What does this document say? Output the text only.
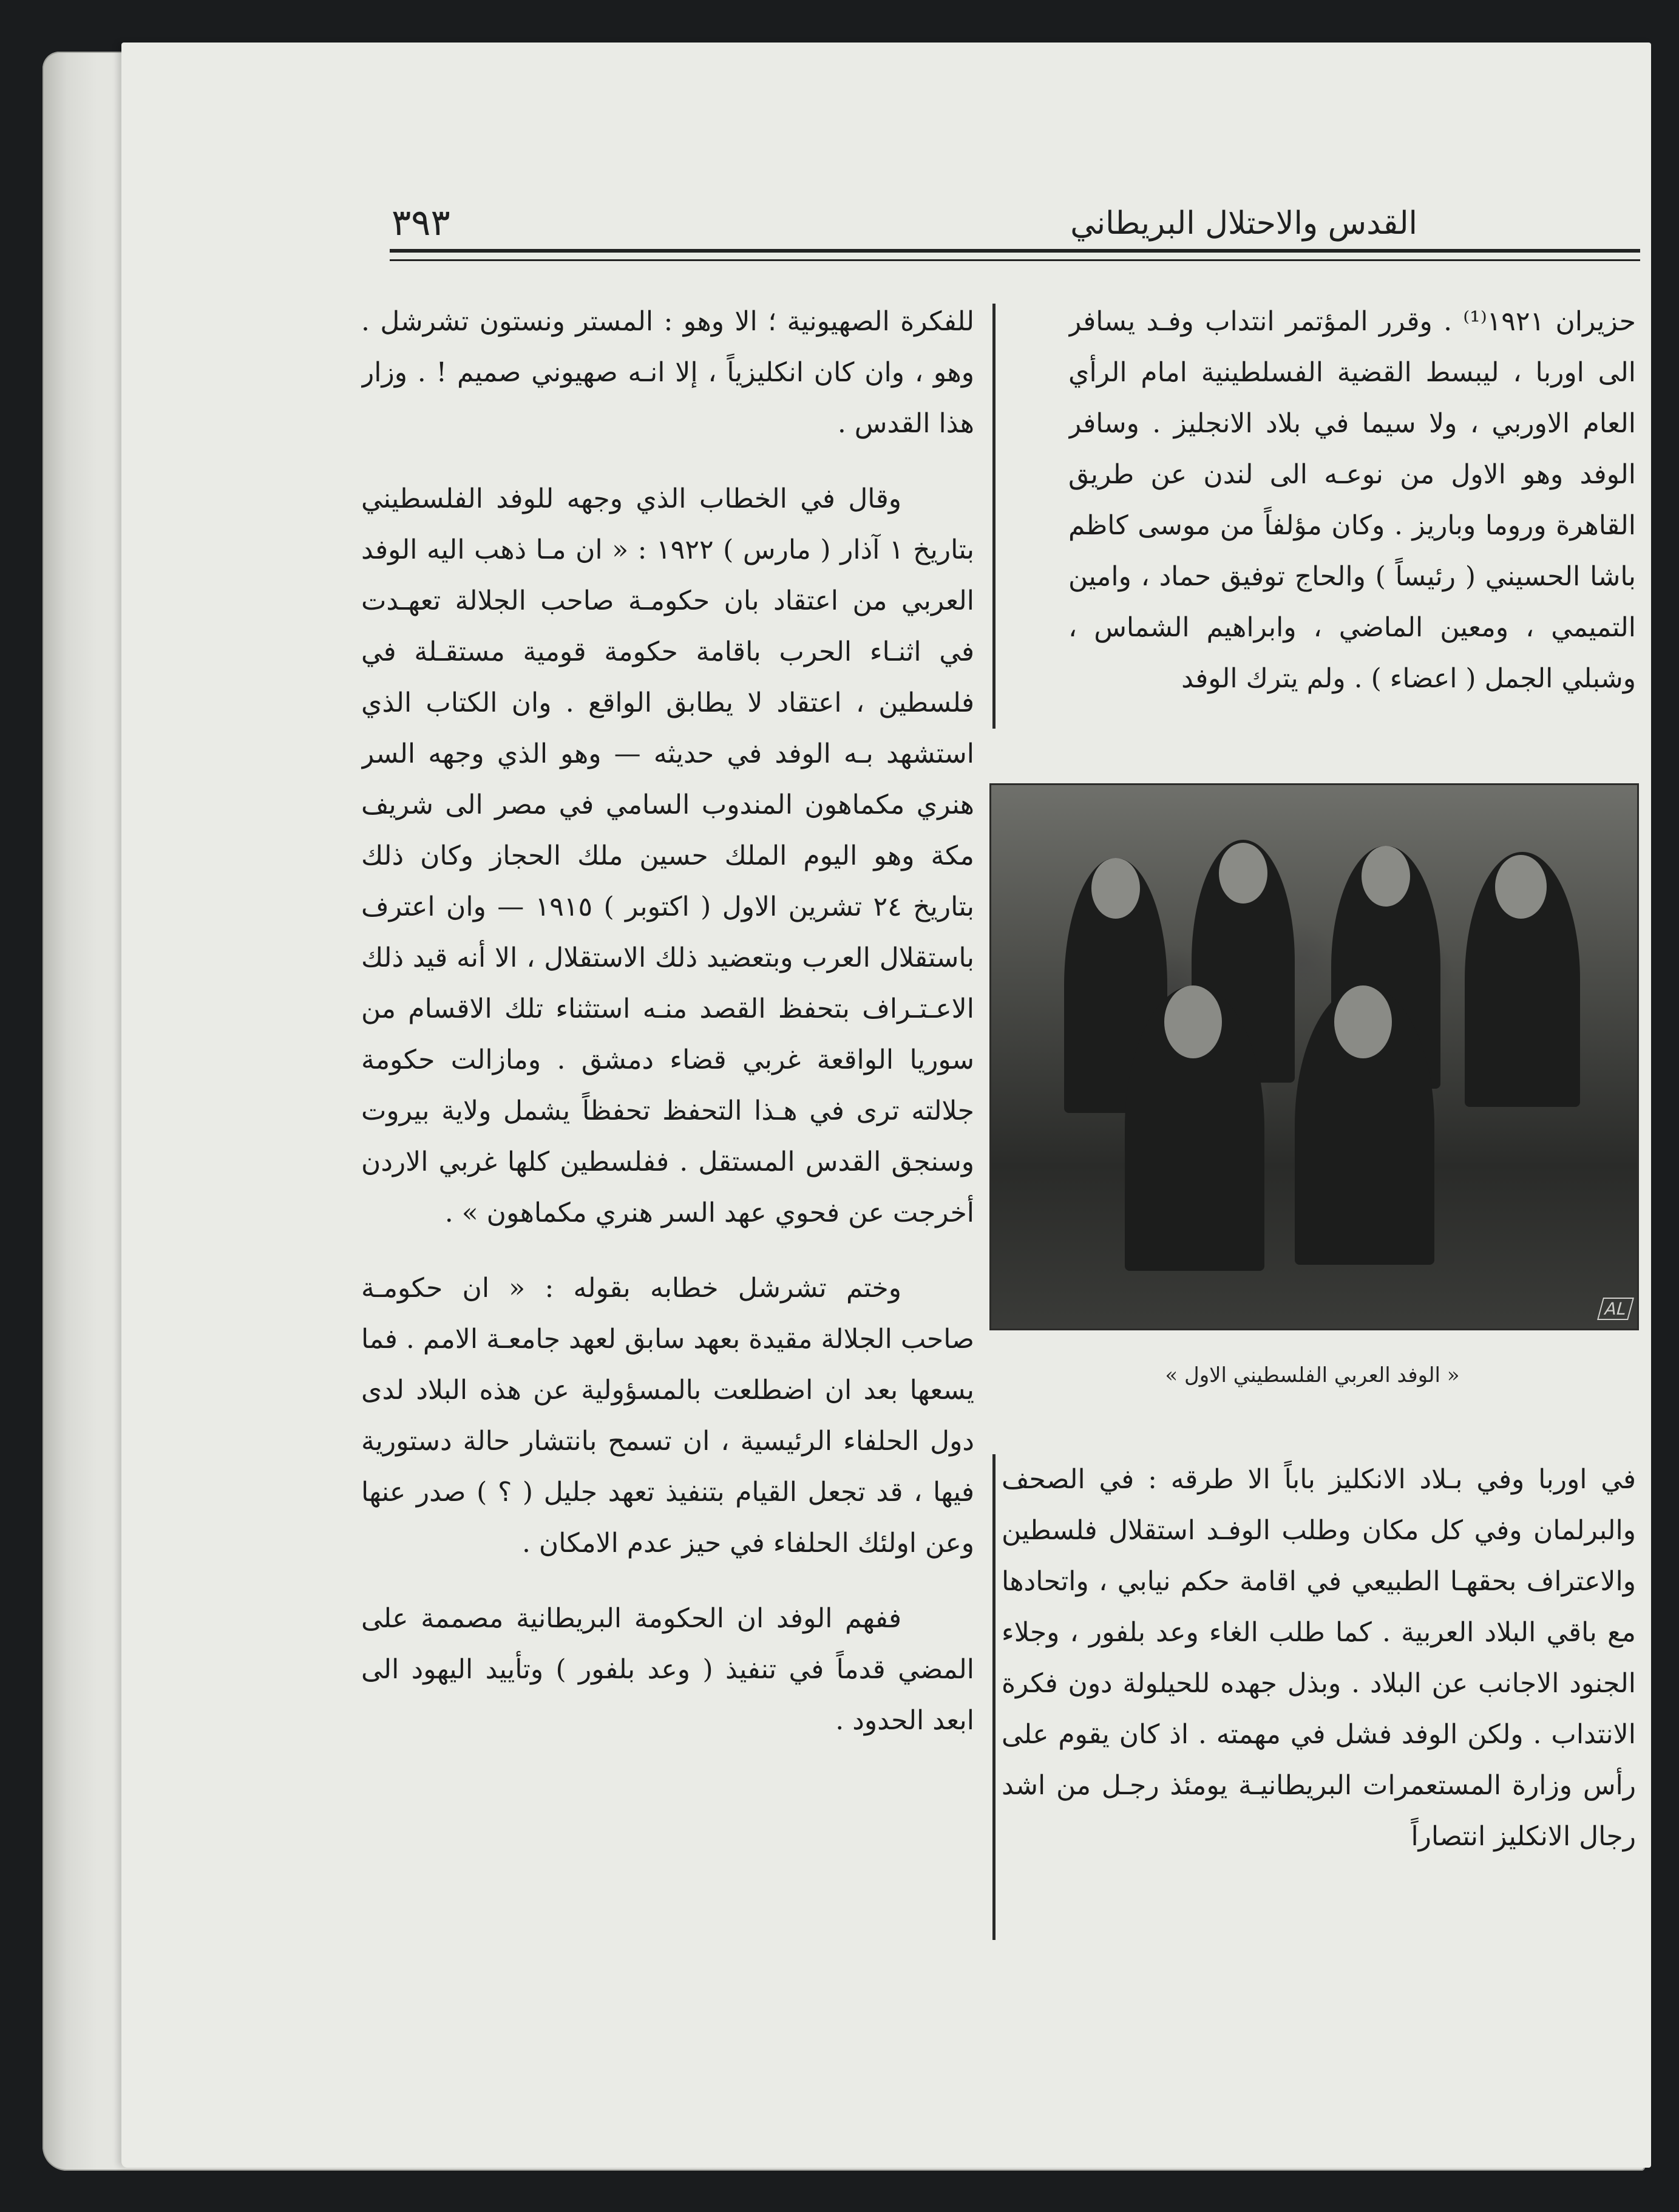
القدس والاحتلال البريطاني
٣٩٣

حزيران ١٩٢١⁽¹⁾ . وقرر المؤتمر انتداب وفـد يسافر الى اوربا ، ليبسط القضية الفسلطينية امام الرأي العام الاوربي ، ولا سيما في بلاد الانجليز . وسافر الوفد وهو الاول من نوعـه الى لندن عن طريق القاهرة وروما وباريز . وكان مؤلفاً من موسى كاظم باشا الحسيني ( رئيساً ) والحاج توفيق حماد ، وامين التميمي ، ومعين الماضي ، وابراهيم الشماس ، وشبلي الجمل ( اعضاء ) . ولم يترك الوفد

للفكرة الصهيونية ؛ الا وهو : المستر ونستون تشرشل . وهو ، وان كان انكليزياً ، إلا انـه صهيوني صميم ! . وزار هذا القدس .

وقال في الخطاب الذي وجهه للوفد الفلسطيني بتاريخ ١ آذار ( مارس ) ١٩٢٢ : « ان مـا ذهب اليه الوفد العربي من اعتقاد بان حكومـة صاحب الجلالة تعهـدت في اثنـاء الحرب باقامة حكومة قومية مستقـلة في فلسطين ، اعتقاد لا يطابق الواقع . وان الكتاب الذي استشهد بـه الوفد في حديثه — وهو الذي وجهه السر هنري مكماهون المندوب السامي في مصر الى شريف مكة وهو اليوم الملك حسين ملك الحجاز وكان ذلك بتاريخ ٢٤ تشرين الاول ( اكتوبر ) ١٩١٥ — وان اعترف باستقلال العرب وبتعضيد ذلك الاستقلال ، الا أنه قيد ذلك الاعـتـراف بتحفظ القصد منـه استثناء تلك الاقسام من سوريا الواقعة غربي قضاء دمشق . ومازالت حكومة جلالته ترى في هـذا التحفظ تحفظاً يشمل ولاية بيروت وسنجق القدس المستقل . ففلسطين كلها غربي الاردن أخرجت عن فحوي عهد السر هنري مكماهون » .

وختم تشرشل خطابه بقوله : « ان حكومـة صاحب الجلالة مقيدة بعهد سابق لعهد جامعـة الامم . فما يسعها بعد ان اضطلعت بالمسؤولية عن هذه البلاد لدى دول الحلفاء الرئيسية ، ان تسمح بانتشار حالة دستورية فيها ، قد تجعل القيام بتنفيذ تعهد جليل ( ؟ ) صدر عنها وعن اولئك الحلفاء في حيز عدم الامكان .

ففهم الوفد ان الحكومة البريطانية مصممة على المضي قدماً في تنفيذ ( وعد بلفور ) وتأييد اليهود الى ابعد الحدود .

AL
« الوفد العربي الفلسطيني الاول »

في اوربا وفي بـلاد الانكليز باباً الا طرقه : في الصحف والبرلمان وفي كل مكان وطلب الوفـد استقلال فلسطين والاعتراف بحقهـا الطبيعي في اقامة حكم نيابي ، واتحادها مع باقي البلاد العربية . كما طلب الغاء وعد بلفور ، وجلاء الجنود الاجانب عن البلاد . وبذل جهده للحيلولة دون فكرة الانتداب . ولكن الوفد فشل في مهمته . اذ كان يقوم على رأس وزارة المستعمرات البريطانيـة يومئذ رجـل من اشد رجال الانكليز انتصاراً
